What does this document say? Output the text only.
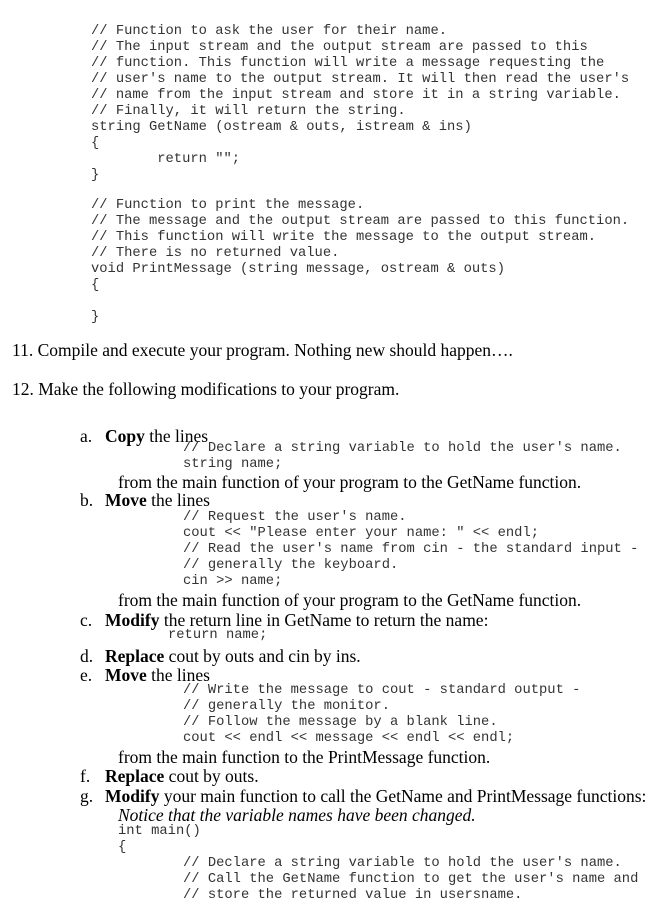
// Function to ask the user for their name.
// The input stream and the output stream are passed to this
// function. This function will write a message requesting the
// user's name to the output stream. It will then read the user's
// name from the input stream and store it in a string variable.
// Finally, it will return the string.
string GetName (ostream & outs, istream & ins)
{
return "";
}
// Function to print the message.
// The message and the output stream are passed to this function.
// This function will write the message to the output stream.
// There is no returned value.
void PrintMessage (string message, ostream & outs)
{
}
11. Compile and execute your program. Nothing new should happen….
12. Make the following modifications to your program.
a. Copy the lines
// Declare a string variable to hold the user's name.
string name;
from the main function of your program to the GetName function.
b. Move the lines
// Request the user's name.
cout << "Please enter your name: " << endl;
// Read the user's name from cin - the standard input -
// generally the keyboard.
cin >> name;
from the main function of your program to the GetName function.
c. Modify the return line in GetName to return the name:
return name;
d. Replace cout by outs and cin by ins.
e. Move the lines
// Write the message to cout - standard output -
// generally the monitor.
// Follow the message by a blank line.
cout << endl << message << endl << endl;
from the main function to the PrintMessage function.
f. Replace cout by outs.
g. Modify your main function to call the GetName and PrintMessage functions:
Notice that the variable names have been changed.
int main()
{
// Declare a string variable to hold the user's name.
// Call the GetName function to get the user's name and
// store the returned value in usersname.
